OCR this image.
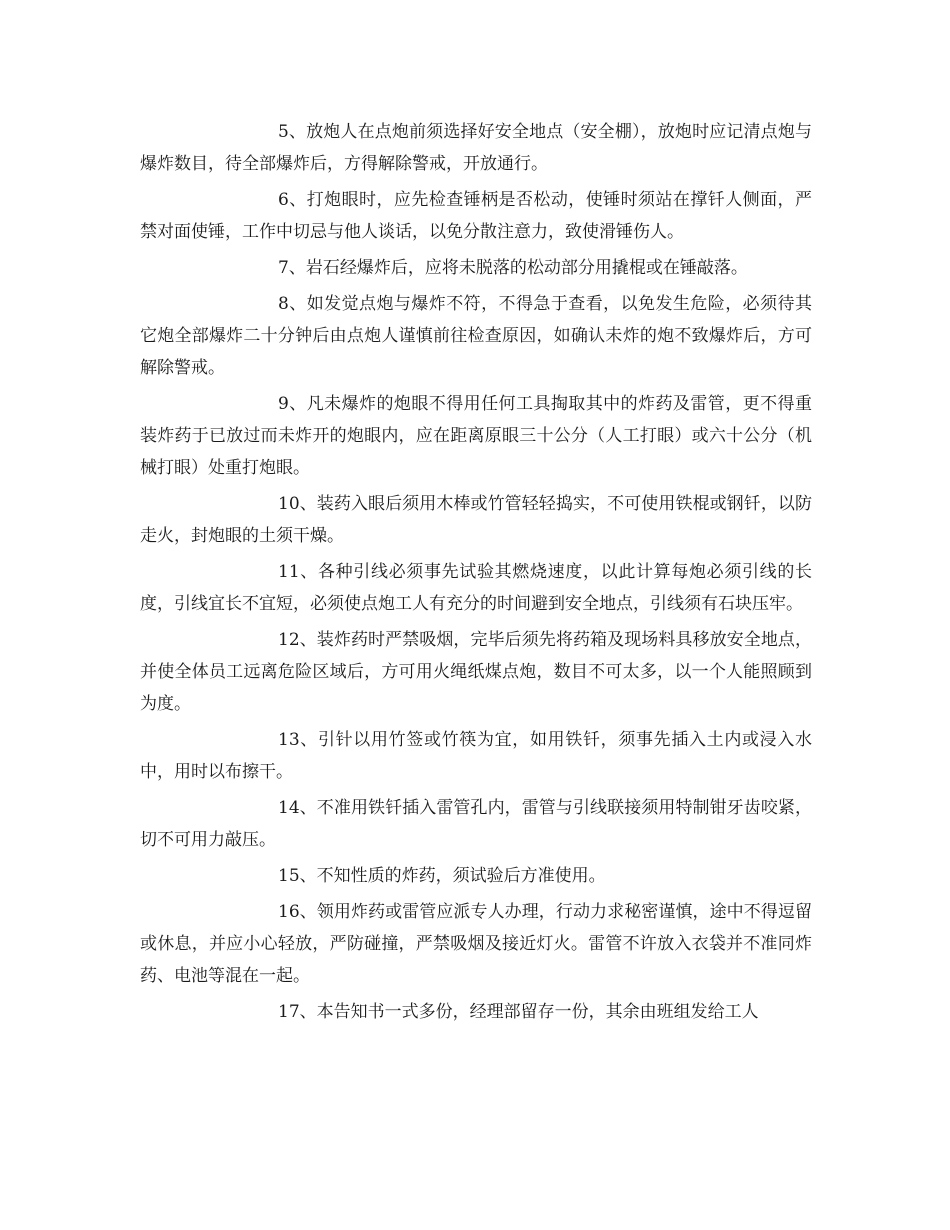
5、放炮人在点炮前须选择好安全地点（安全棚），放炮时应记清点炮与爆炸数目，待全部爆炸后，方得解除警戒，开放通行。

6、打炮眼时，应先检查锤柄是否松动，使锤时须站在撑钎人侧面，严禁对面使锤，工作中切忌与他人谈话，以免分散注意力，致使滑锤伤人。

7、岩石经爆炸后，应将未脱落的松动部分用撬棍或在锤敲落。

8、如发觉点炮与爆炸不符，不得急于查看，以免发生危险，必须待其它炮全部爆炸二十分钟后由点炮人谨慎前往检查原因，如确认未炸的炮不致爆炸后，方可解除警戒。

9、凡未爆炸的炮眼不得用任何工具掏取其中的炸药及雷管，更不得重装炸药于已放过而未炸开的炮眼内，应在距离原眼三十公分（人工打眼）或六十公分（机械打眼）处重打炮眼。

10、装药入眼后须用木棒或竹管轻轻捣实，不可使用铁棍或钢钎，以防走火，封炮眼的土须干燥。

11、各种引线必须事先试验其燃烧速度，以此计算每炮必须引线的长度，引线宜长不宜短，必须使点炮工人有充分的时间避到安全地点，引线须有石块压牢。

12、装炸药时严禁吸烟，完毕后须先将药箱及现场料具移放安全地点，并使全体员工远离危险区域后，方可用火绳纸煤点炮，数目不可太多，以一个人能照顾到为度。

13、引针以用竹签或竹筷为宜，如用铁钎，须事先插入土内或浸入水中，用时以布擦干。

14、不准用铁钎插入雷管孔内，雷管与引线联接须用特制钳牙齿咬紧，切不可用力敲压。

15、不知性质的炸药，须试验后方准使用。

16、领用炸药或雷管应派专人办理，行动力求秘密谨慎，途中不得逗留或休息，并应小心轻放，严防碰撞，严禁吸烟及接近灯火。雷管不许放入衣袋并不准同炸药、电池等混在一起。

17、本告知书一式多份，经理部留存一份，其余由班组发给工人
